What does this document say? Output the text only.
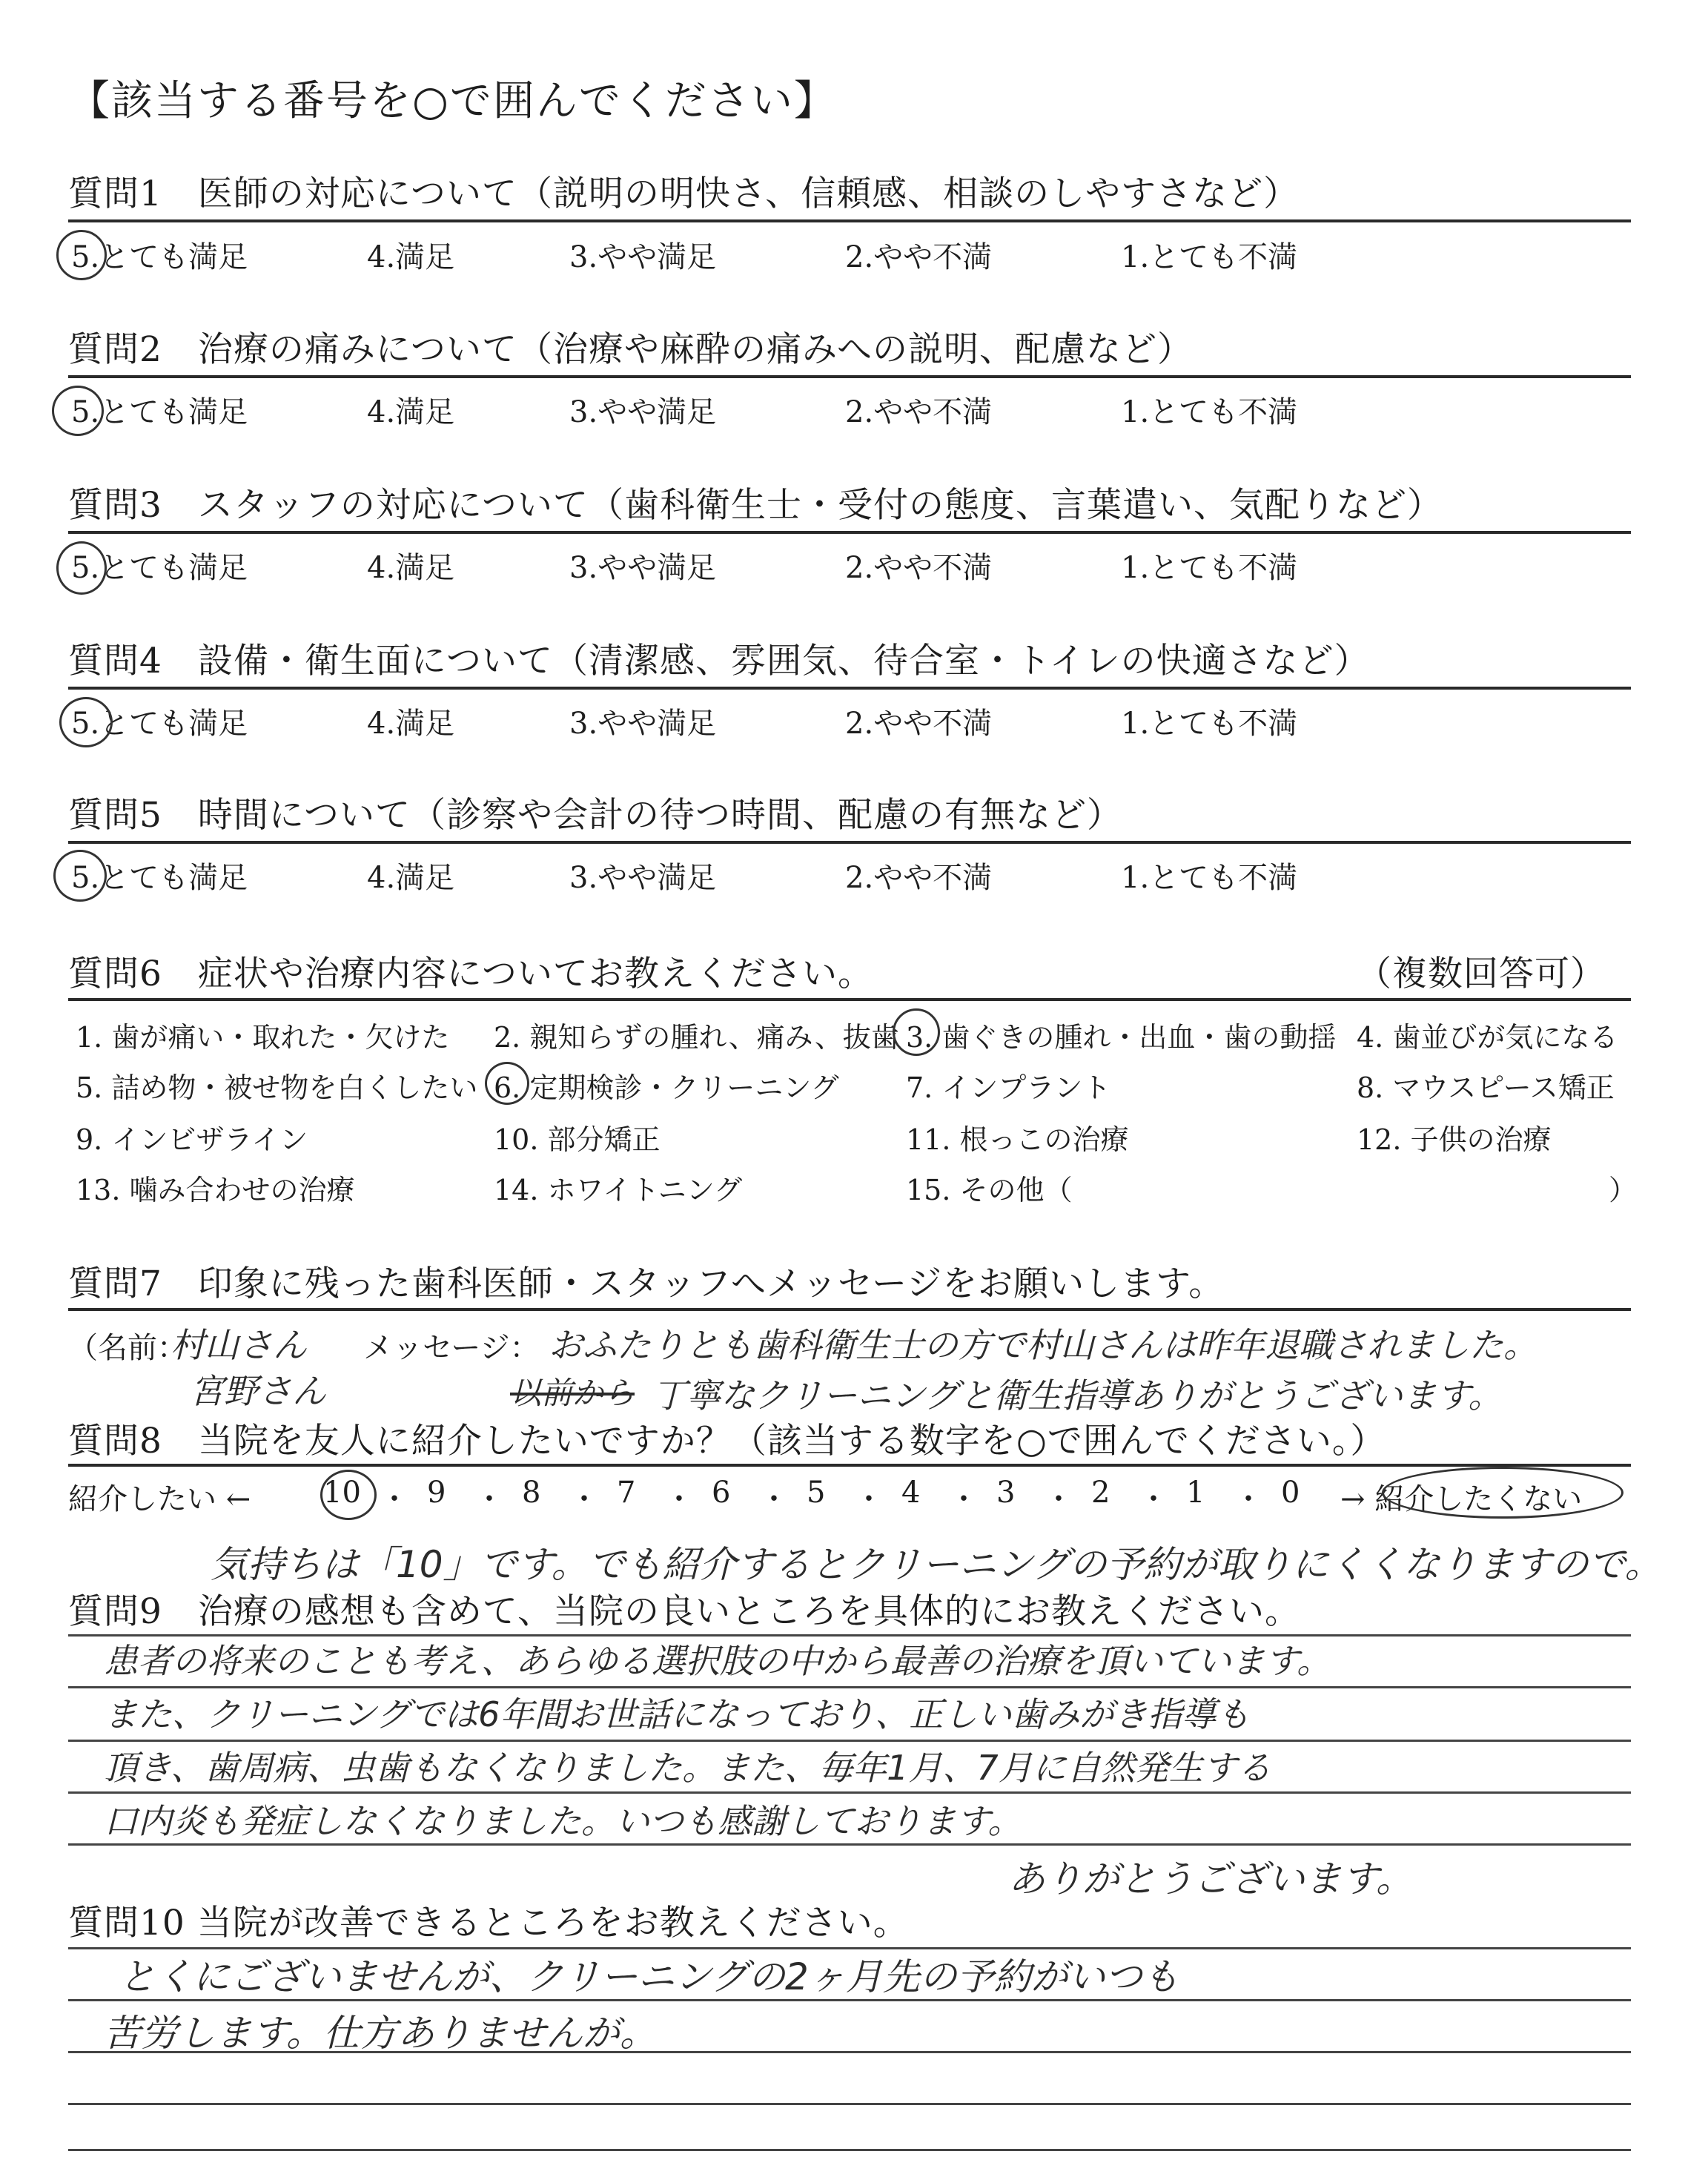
【該当する番号を○で囲んでください】
質問1　医師の対応について（説明の明快さ、信頼感、相談のしやすさなど）
5.とても満足	4.満足	3.やや満足	2.やや不満	1.とても不満
質問2　治療の痛みについて（治療や麻酔の痛みへの説明、配慮など）
5.とても満足	4.満足	3.やや満足	2.やや不満	1.とても不満
質問3　スタッフの対応について（歯科衛生士・受付の態度、言葉遣い、気配りなど）
5.とても満足	4.満足	3.やや満足	2.やや不満	1.とても不満
質問4　設備・衛生面について（清潔感、雰囲気、待合室・トイレの快適さなど）
5.とても満足	4.満足	3.やや満足	2.やや不満	1.とても不満
質問5　時間について（診察や会計の待つ時間、配慮の有無など）
5.とても満足	4.満足	3.やや満足	2.やや不満	1.とても不満
質問6　症状や治療内容についてお教えください。	（複数回答可）
1. 歯が痛い・取れた・欠けた 2. 親知らずの腫れ、痛み、抜歯 3. 歯ぐきの腫れ・出血・歯の動揺 4. 歯並びが気になる
5. 詰め物・被せ物を白くしたい 6. 定期検診・クリーニング 7. インプラント	8. マウスピース矯正
9. インビザライン	10. 部分矯正	11. 根っこの治療	12. 子供の治療
13. 噛み合わせの治療	14. ホワイトニング	15. その他（	）
質問7　印象に残った歯科医師・スタッフへメッセージをお願いします。
（名前：
村山さん
宮野さん
メッセージ： おふたりとも歯科衛生士の方で村山さんは昨年退職されました。
以前から 丁寧なクリーニングと衛生指導ありがとうございます。
質問8　当院を友人に紹介したいですか？（該当する数字を○で囲んでください。）
紹介したい ← 10 ・ 9 ・ 8 ・ 7 ・ 6 ・ 5 ・ 4 ・ 3 ・ 2 ・ 1 ・ 0 → 紹介したくない
気持ちは「10」です。でも紹介するとクリーニングの予約が取りにくくなりますので。
質問9　治療の感想も含めて、当院の良いところを具体的にお教えください。
患者の将来のことも考え、あらゆる選択肢の中から最善の治療を頂いています。
また、クリーニングでは6年間お世話になっており、正しい歯みがき指導も
頂き、歯周病、虫歯もなくなりました。また、毎年1月、7月に自然発生する
口内炎も発症しなくなりました。いつも感謝しております。
ありがとうございます。
質問10 当院が改善できるところをお教えください。
とくにございませんが、クリーニングの2ヶ月先の予約がいつも
苦労します。仕方ありませんが。
